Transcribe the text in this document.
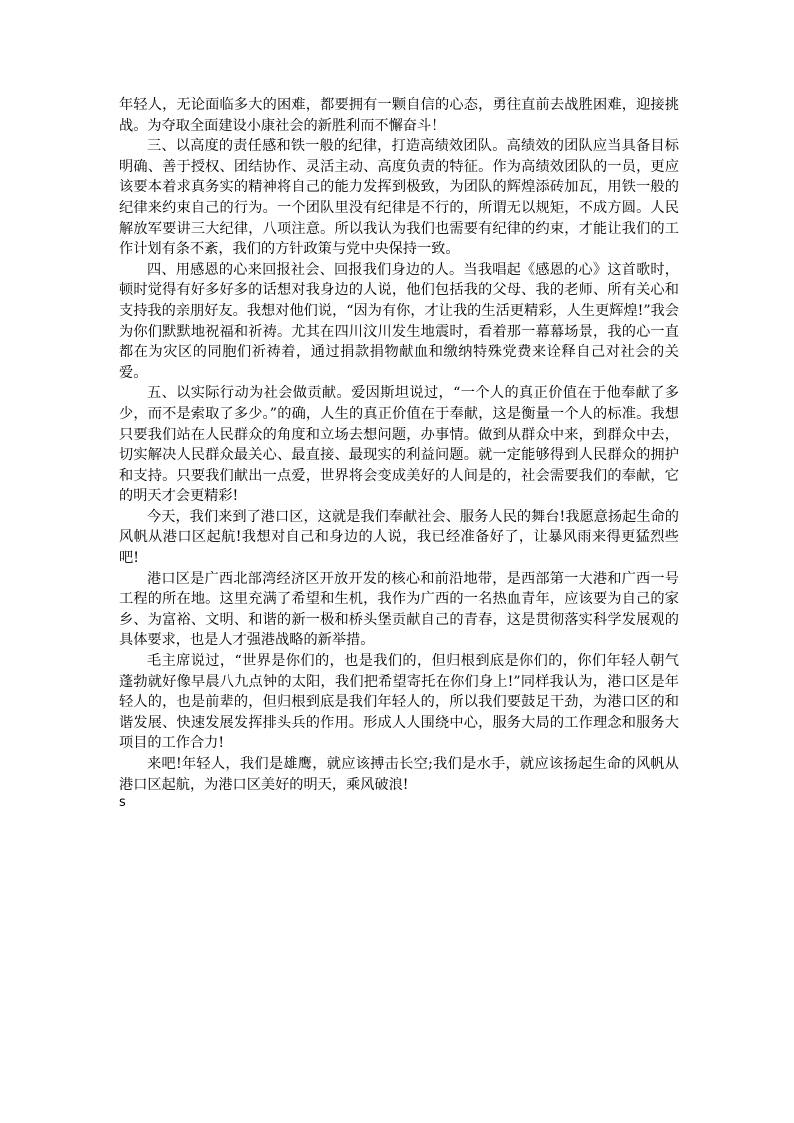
年轻人，无论面临多大的困难，都要拥有一颗自信的心态，勇往直前去战胜困难，迎接挑战。为夺取全面建设小康社会的新胜利而不懈奋斗！

三、以高度的责任感和铁一般的纪律，打造高绩效团队。高绩效的团队应当具备目标明确、善于授权、团结协作、灵活主动、高度负责的特征。作为高绩效团队的一员，更应该要本着求真务实的精神将自己的能力发挥到极致，为团队的辉煌添砖加瓦，用铁一般的纪律来约束自己的行为。一个团队里没有纪律是不行的，所谓无以规矩，不成方圆。人民解放军要讲三大纪律，八项注意。所以我认为我们也需要有纪律的约束，才能让我们的工作计划有条不紊，我们的方针政策与党中央保持一致。

四、用感恩的心来回报社会、回报我们身边的人。当我唱起《感恩的心》这首歌时，顿时觉得有好多好多的话想对我身边的人说，他们包括我的父母、我的老师、所有关心和支持我的亲朋好友。我想对他们说，“因为有你，才让我的生活更精彩，人生更辉煌!”我会为你们默默地祝福和祈祷。尤其在四川汶川发生地震时，看着那一幕幕场景，我的心一直都在为灾区的同胞们祈祷着，通过捐款捐物献血和缴纳特殊党费来诠释自己对社会的关爱。

五、以实际行动为社会做贡献。爱因斯坦说过，“一个人的真正价值在于他奉献了多少，而不是索取了多少。”的确，人生的真正价值在于奉献，这是衡量一个人的标准。我想只要我们站在人民群众的角度和立场去想问题，办事情。做到从群众中来，到群众中去，切实解决人民群众最关心、最直接、最现实的利益问题。就一定能够得到人民群众的拥护和支持。只要我们献出一点爱，世界将会变成美好的人间是的，社会需要我们的奉献，它的明天才会更精彩!

今天，我们来到了港口区，这就是我们奉献社会、服务人民的舞台!我愿意扬起生命的风帆从港口区起航!我想对自己和身边的人说，我已经准备好了，让暴风雨来得更猛烈些吧!

港口区是广西北部湾经济区开放开发的核心和前沿地带，是西部第一大港和广西一号工程的所在地。这里充满了希望和生机，我作为广西的一名热血青年，应该要为自己的家乡、为富裕、文明、和谐的新一极和桥头堡贡献自己的青春，这是贯彻落实科学发展观的具体要求，也是人才强港战略的新举措。

毛主席说过，“世界是你们的，也是我们的，但归根到底是你们的，你们年轻人朝气蓬勃就好像早晨八九点钟的太阳，我们把希望寄托在你们身上!”同样我认为，港口区是年轻人的，也是前辈的，但归根到底是我们年轻人的，所以我们要鼓足干劲，为港口区的和谐发展、快速发展发挥排头兵的作用。形成人人围绕中心，服务大局的工作理念和服务大项目的工作合力!

来吧!年轻人，我们是雄鹰，就应该搏击长空;我们是水手，就应该扬起生命的风帆从港口区起航，为港口区美好的明天，乘风破浪!

s
